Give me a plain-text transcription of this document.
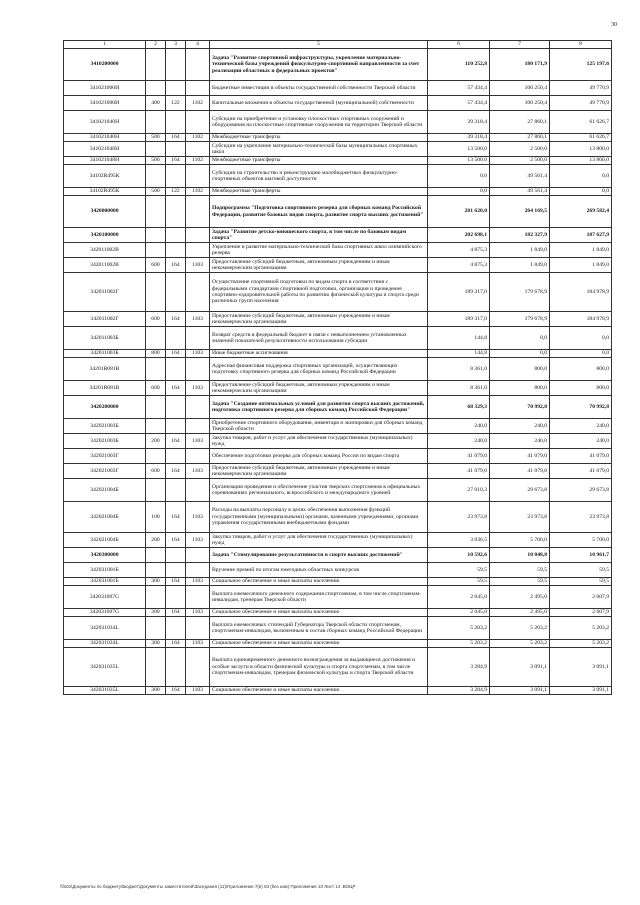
30
1	2	3	4	5	6	7	8
3410200000				Задача "Развитие спортивной инфраструктуры, укрепление материально-технической базы учреждений физкультурно-спортивной направленности за счет реализации областных и федеральных проектов"	110 252,8	180 171,9	125 197,6
341021000И				Бюджетные инвестиции в объекты государственной собственности Тверской области	57 434,4	100 250,4	49 770,9
341021000И	400	122	1102	Капитальные вложения в объекты государственной (муниципальной) собственности	57 434,4	100 250,4	49 770,9
341021040Н				Субсидии на приобретение и установку плоскостных спортивных сооружений и оборудования на плоскостные спортивные сооружения на территории Тверской области	39 318,4	27 860,1	61 626,7
341021040Н	500	164	1102	Межбюджетные трансферты	39 318,4	27 860,1	61 626,7
341021048Н				Субсидии на укрепление материально-технической базы муниципальных спортивных школ	13 500,0	2 500,0	13 800,0
341021048Н	500	164	1102	Межбюджетные трансферты	13 500,0	2 500,0	13 800,0
34102R495К				Субсидии на строительство и реконструкцию малобюджетных физкультурно-спортивных объектов шаговой доступности	0,0	49 561,4	0,0
34102R495К	500	122	1102	Межбюджетные трансферты	0,0	49 561,4	0,0
3420000000				Подпрограмма "Подготовка спортивного резерва для сборных команд Российской Федерации, развитие базовых видов спорта, развитие спорта высших достижений"	281 620,0	264 169,5	269 582,4
3420100000				Задача "Развитие детско-юношеского спорта, в том числе по базовым видам спорта"	202 698,1	182 327,9	187 627,9
342011002В				Укрепление и развитие материально-технической базы спортивных школ олимпийского резерва	4 875,3	1 849,0	1 849,0
342011002В	600	164	1103	Предоставление субсидий бюджетным, автономным учреждениям и иным некоммерческим организациям	4 875,3	1 849,0	1 849,0
342011002Г				Осуществление спортивной подготовки по видам спорта в соответствии с федеральными стандартами спортивной подготовки, организация и проведение спортивно-оздоровительной работы по развитию физической культуры и спорта среди различных групп населения	189 317,0	179 678,9	184 978,9
342011002Г	600	164	1103	Предоставление субсидий бюджетным, автономным учреждениям и иным некоммерческим организациям	189 317,0	179 678,9	184 978,9
342011003Б				Возврат средств в федеральный бюджет в связи с невыполнением установленных значений показателей результативности использования субсидии	144,8	0,0	0,0
342011003Б	800	164	1103	Иные бюджетные ассигнования	144,8	0,0	0,0
34201R081В				Адресная финансовая поддержка спортивных организаций, осуществляющих подготовку спортивного резерва для сборных команд Российской Федерации	8 361,0	800,0	800,0
34201R081В	600	164	1103	Предоставление субсидий бюджетным, автономным учреждениям и иным некоммерческим организациям	8 361,0	800,0	800,0
3420200000				Задача "Создание оптимальных условий для развития спорта высших достижений, подготовка спортивного резерва для сборных команд Российской Федерации"	68 329,3	70 992,8	70 992,8
342021003Б				Приобретение спортивного оборудования, инвентаря и экипировки для сборных команд Тверской области	240,0	240,0	240,0
342021003Б	200	164	1103	Закупка товаров, работ и услуг для обеспечения государственных (муниципальных) нужд	240,0	240,0	240,0
342021003Г				Обеспечение подготовки резерва для сборных команд России по видам спорта	41 079,0	41 079,0	41 079,0
342021003Г	600	164	1103	Предоставление субсидий бюджетным, автономным учреждениям и иным некоммерческим организациям	41 079,0	41 079,0	41 079,0
342021004Б				Организация проведения и обеспечение участия тверских спортсменов в официальных соревнованиях регионального, всероссийского и международного уровней	27 010,3	29 673,8	29 673,8
342021004Б	100	164	1103	Расходы на выплаты персоналу в целях обеспечения выполнения функций государственными (муниципальными) органами, казенными учреждениями, органами управления государственными внебюджетными фондами	23 973,8	23 973,8	23 973,8
342021004Б	200	164	1103	Закупка товаров, работ и услуг для обеспечения государственных (муниципальных) нужд	3 036,5	5 700,0	5 700,0
3420300000				Задача "Стимулирование результативности в спорте высших достижений"	10 592,6	10 848,8	10 961,7
342031001Б				Вручение премий по итогам ежегодных областных конкурсов	59,5	59,5	59,5
342031001Б	300	164	1103	Социальное обеспечение и иные выплаты населению	59,5	59,5	59,5
342031007G				Выплата ежемесячного денежного содержания спортсменам, в том числе спортсменам-инвалидам, тренерам Тверской области	2 045,0	2 495,0	2 607,9
342031007G	300	164	1103	Социальное обеспечение и иные выплаты населению	2 045,0	2 495,0	2 607,9
342031034L				Выплата ежемесячных стипендий Губернатора Тверской области спортсменам, спортсменам-инвалидам, включенным в состав сборных команд Российской Федерации	5 203,2	5 203,2	5 203,2
342031034L	300	164	1103	Социальное обеспечение и иные выплаты населению	5 203,2	5 203,2	5 203,2
342031035L				Выплата единовременного денежного вознаграждения за выдающиеся достижения и особые заслуги в области физической культуры и спорта спортсменам, в том числе спортсменам-инвалидам, тренерам физической культуры и спорта Тверской области	3 284,9	3 091,1	3 091,1
342031035L	300	164	1103	Социальное обеспечение и иные выплаты населению	3 284,9	3 091,1	3 091,1
\\fs02\Документы по бюджету\Бюджет\Документы заместителей\Заседания (11)\Приложение 7(в) 03 (без изм) Приложение 10 Лист 14 .ВОЦР
